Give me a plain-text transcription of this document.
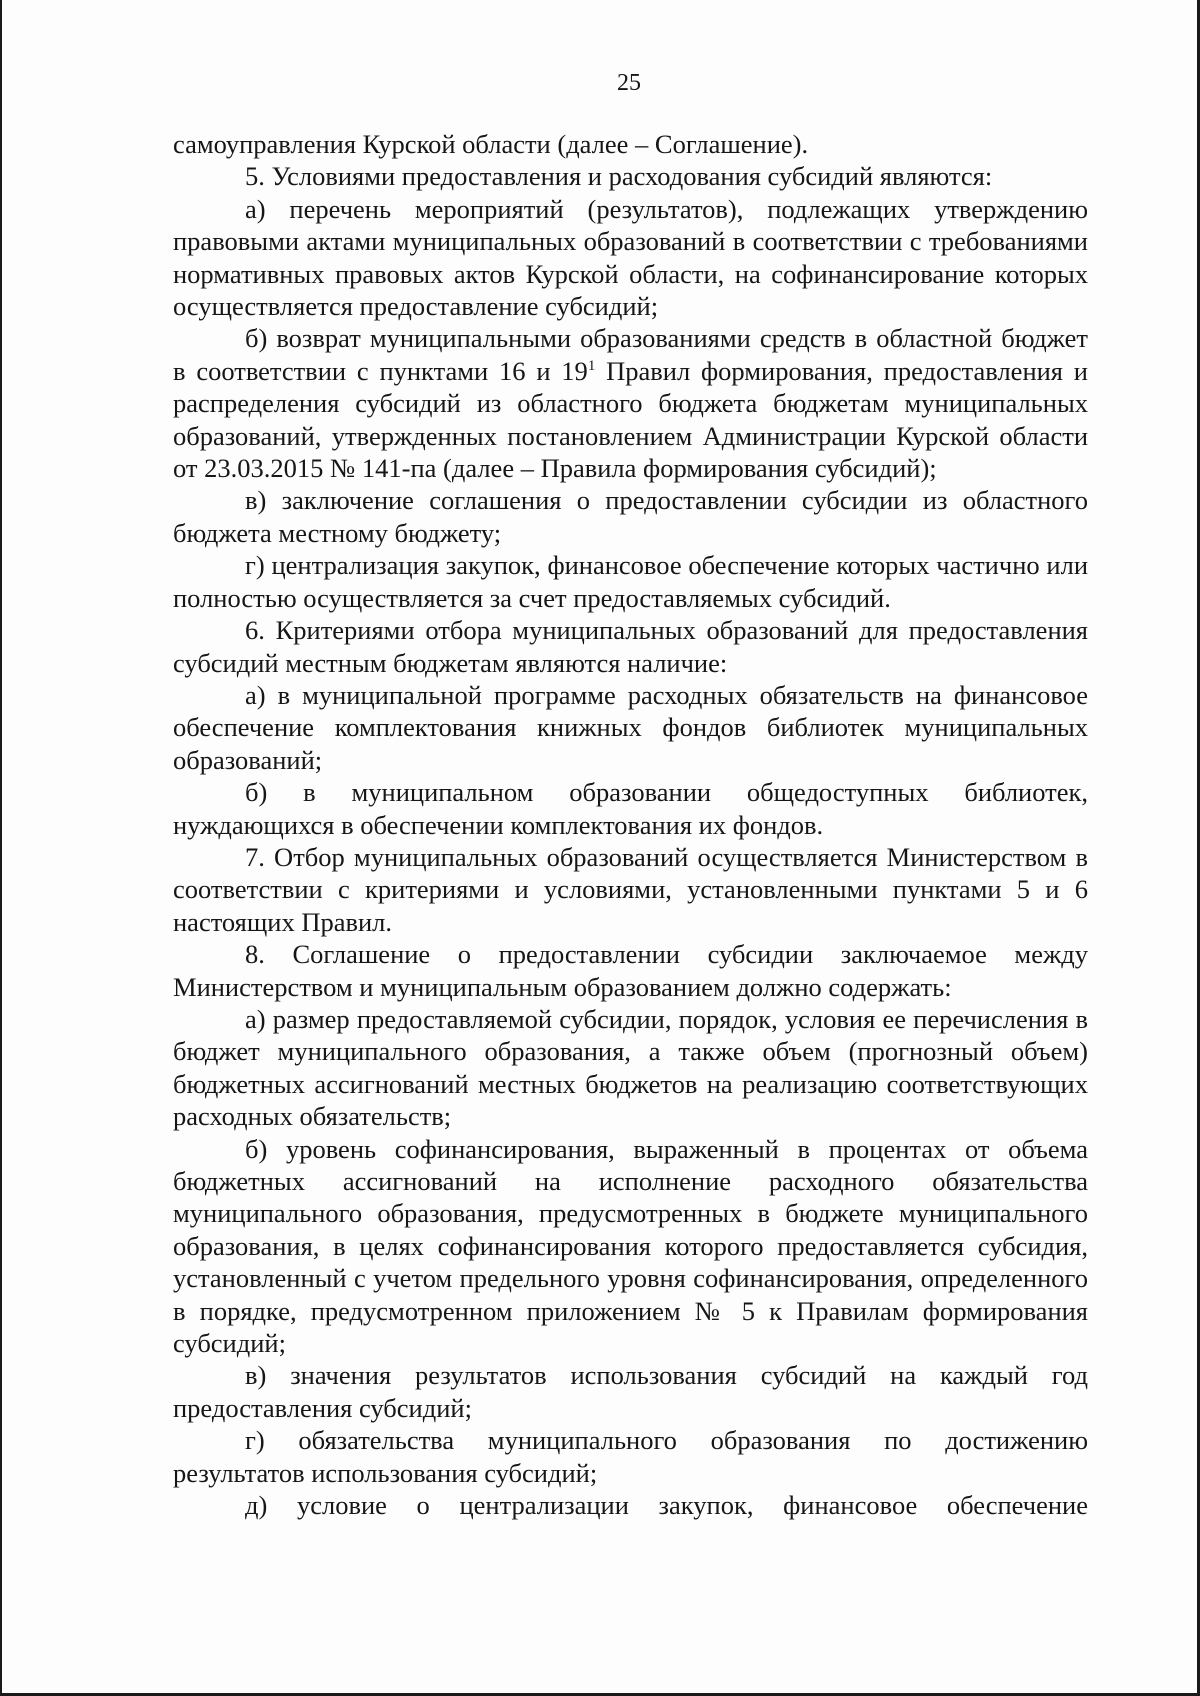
25

самоуправления Курской области (далее – Соглашение).

5. Условиями предоставления и расходования субсидий являются:

а) перечень мероприятий (результатов), подлежащих утверждению правовыми актами муниципальных образований в соответствии с требованиями нормативных правовых актов Курской области, на софинансирование которых осуществляется предоставление субсидий;

б) возврат муниципальными образованиями средств в областной бюджет в соответствии с пунктами 16 и $19^1$ Правил формирования, предоставления и распределения субсидий из областного бюджета бюджетам муниципальных образований, утвержденных постановлением Администрации Курской области от 23.03.2015 № 141-па (далее – Правила формирования субсидий);

в) заключение соглашения о предоставлении субсидии из областного бюджета местному бюджету;

г) централизация закупок, финансовое обеспечение которых частично или полностью осуществляется за счет предоставляемых субсидий.

6. Критериями отбора муниципальных образований для предоставления субсидий местным бюджетам являются наличие:

а) в муниципальной программе расходных обязательств на финансовое обеспечение комплектования книжных фондов библиотек муниципальных образований;

б) в муниципальном образовании общедоступных библиотек, нуждающихся в обеспечении комплектования их фондов.

7. Отбор муниципальных образований осуществляется Министерством в соответствии с критериями и условиями, установленными пунктами 5 и 6 настоящих Правил.

8. Соглашение о предоставлении субсидии заключаемое между Министерством и муниципальным образованием должно содержать:

а) размер предоставляемой субсидии, порядок, условия ее перечисления в бюджет муниципального образования, а также объем (прогнозный объем) бюджетных ассигнований местных бюджетов на реализацию соответствующих расходных обязательств;

б) уровень софинансирования, выраженный в процентах от объема бюджетных ассигнований на исполнение расходного обязательства муниципального образования, предусмотренных в бюджете муниципального образования, в целях софинансирования которого предоставляется субсидия, установленный с учетом предельного уровня софинансирования, определенного в порядке, предусмотренном приложением № 5 к Правилам формирования субсидий;

в) значения результатов использования субсидий на каждый год предоставления субсидий;

г) обязательства муниципального образования по достижению результатов использования субсидий;

д) условие о централизации закупок, финансовое обеспечение
